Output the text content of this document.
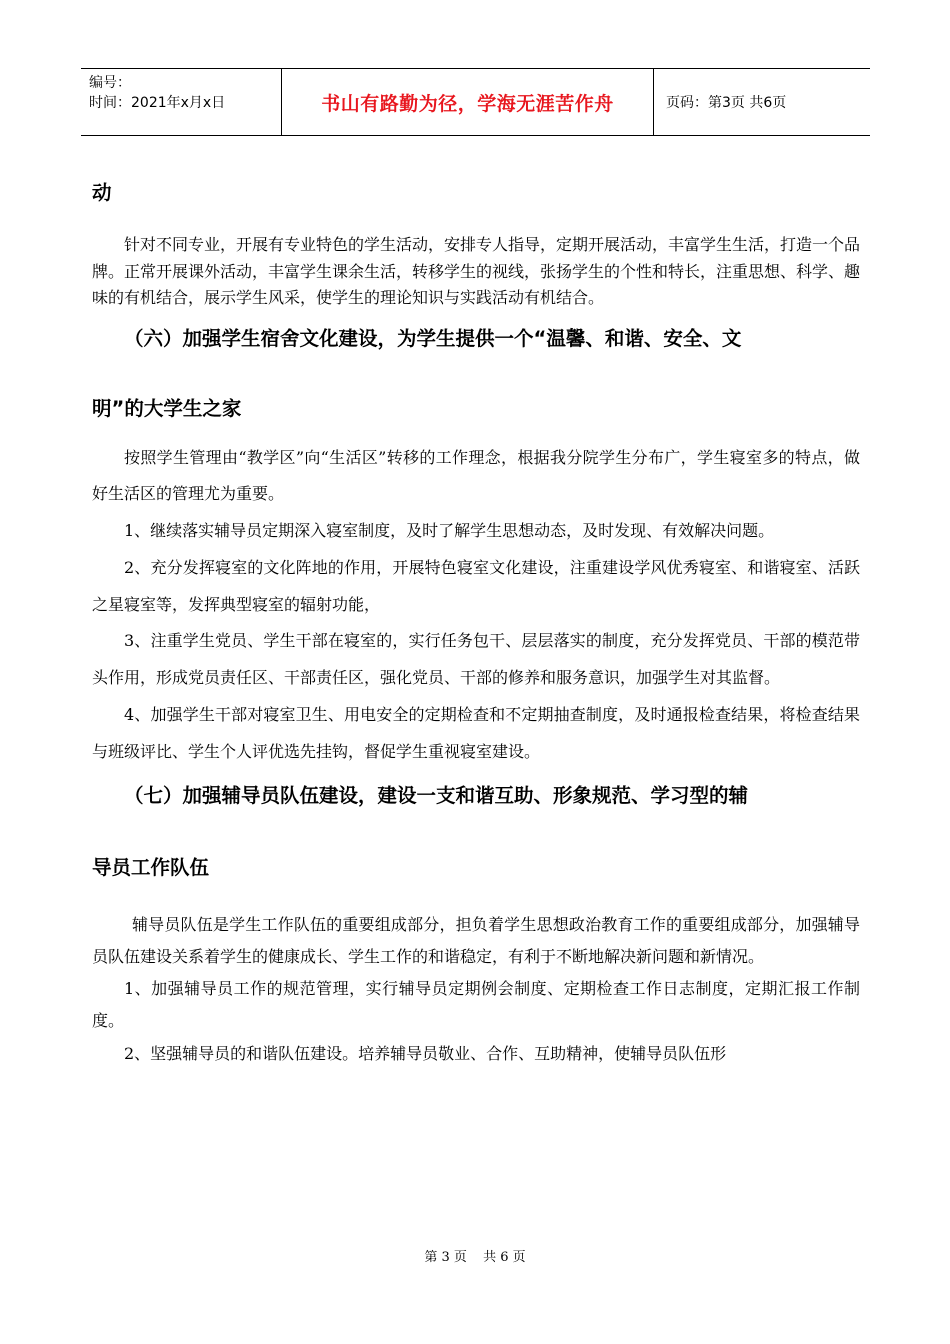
编号：
时间：2021年x月x日	书山有路勤为径，学海无涯苦作舟	页码：第3页 共6页

动

针对不同专业，开展有专业特色的学生活动，安排专人指导，定期开展活动，丰富学生生活，打造一个品牌。正常开展课外活动，丰富学生课余生活，转移学生的视线，张扬学生的个性和特长，注重思想、科学、趣味的有机结合，展示学生风采，使学生的理论知识与实践活动有机结合。

（六）加强学生宿舍文化建设，为学生提供一个“温馨、和谐、安全、文

明”的大学生之家

按照学生管理由“教学区”向“生活区”转移的工作理念，根据我分院学生分布广，学生寝室多的特点，做好生活区的管理尤为重要。

1、继续落实辅导员定期深入寝室制度，及时了解学生思想动态，及时发现、有效解决问题。

2、充分发挥寝室的文化阵地的作用，开展特色寝室文化建设，注重建设学风优秀寝室、和谐寝室、活跃之星寝室等，发挥典型寝室的辐射功能，

3、注重学生党员、学生干部在寝室的，实行任务包干、层层落实的制度，充分发挥党员、干部的模范带头作用，形成党员责任区、干部责任区，强化党员、干部的修养和服务意识，加强学生对其监督。

4、加强学生干部对寝室卫生、用电安全的定期检查和不定期抽查制度，及时通报检查结果，将检查结果与班级评比、学生个人评优选先挂钩，督促学生重视寝室建设。

（七）加强辅导员队伍建设，建设一支和谐互助、形象规范、学习型的辅

导员工作队伍

辅导员队伍是学生工作队伍的重要组成部分，担负着学生思想政治教育工作的重要组成部分，加强辅导员队伍建设关系着学生的健康成长、学生工作的和谐稳定，有利于不断地解决新问题和新情况。

1、加强辅导员工作的规范管理，实行辅导员定期例会制度、定期检查工作日志制度，定期汇报工作制度。

2、坚强辅导员的和谐队伍建设。培养辅导员敬业、合作、互助精神，使辅导员队伍形

第 3 页 共 6 页
